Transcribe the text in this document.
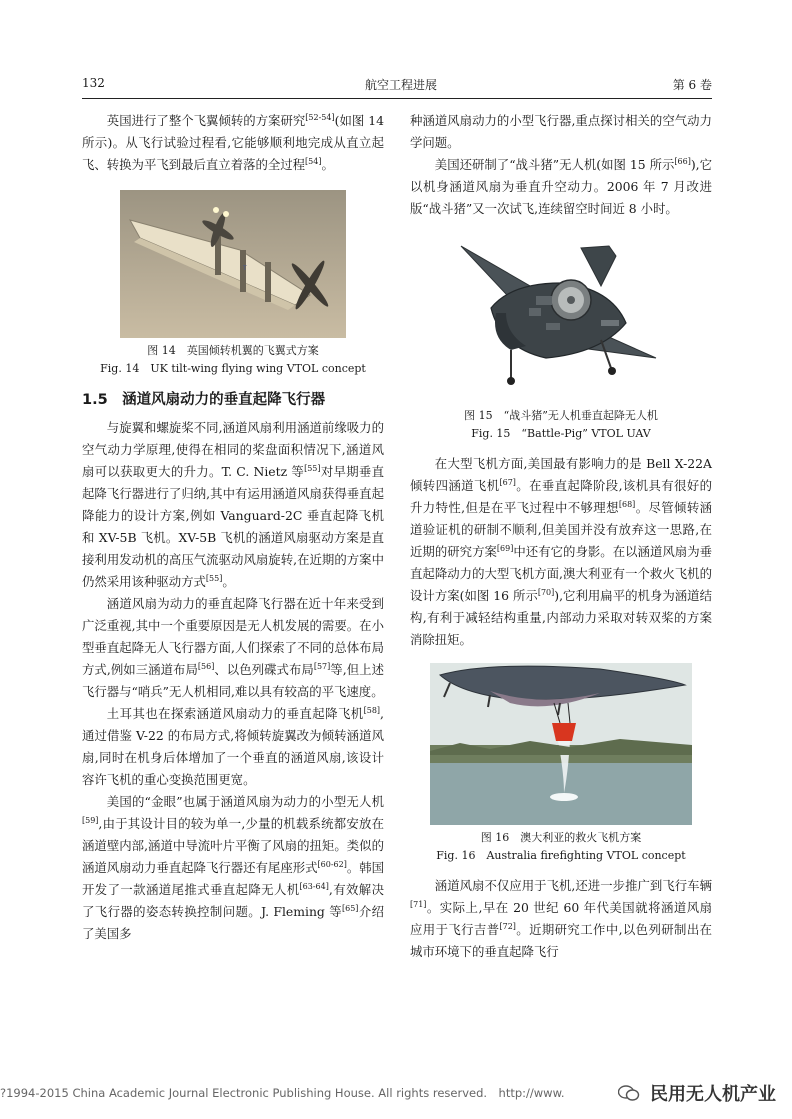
132	航空工程进展	第 6 卷

英国进行了整个飞翼倾转的方案研究[52-54](如图 14 所示)。从飞行试验过程看,它能够顺利地完成从直立起飞、转换为平飞到最后直立着落的全过程[54]。

T

图 14　英国倾转机翼的飞翼式方案

Fig. 14　UK tilt-wing flying wing VTOL concept

1.5　涵道风扇动力的垂直起降飞行器

与旋翼和螺旋桨不同,涵道风扇利用涵道前缘吸力的空气动力学原理,使得在相同的桨盘面积情况下,涵道风扇可以获取更大的升力。T. C. Nietz 等[55]对早期垂直起降飞行器进行了归纳,其中有运用涵道风扇获得垂直起降能力的设计方案,例如 Vanguard-2C 垂直起降飞机和 XV-5B 飞机。XV-5B 飞机的涵道风扇驱动方案是直接利用发动机的高压气流驱动风扇旋转,在近期的方案中仍然采用该种驱动方式[55]。

涵道风扇为动力的垂直起降飞行器在近十年来受到广泛重视,其中一个重要原因是无人机发展的需要。在小型垂直起降无人飞行器方面,人们探索了不同的总体布局方式,例如三涵道布局[56]、以色列碟式布局[57]等,但上述飞行器与“哨兵”无人机相同,难以具有较高的平飞速度。

土耳其也在探索涵道风扇动力的垂直起降飞机[58],通过借鉴 V-22 的布局方式,将倾转旋翼改为倾转涵道风扇,同时在机身后体增加了一个垂直的涵道风扇,该设计容许飞机的重心变换范围更宽。

美国的“金眼”也属于涵道风扇为动力的小型无人机[59],由于其设计目的较为单一,少量的机载系统都安放在涵道壁内部,涵道中导流叶片平衡了风扇的扭矩。类似的涵道风扇动力垂直起降飞行器还有尾座形式[60-62]。韩国开发了一款涵道尾推式垂直起降无人机[63-64],有效解决了飞行器的姿态转换控制问题。J. Fleming 等[65]介绍了美国多

种涵道风扇动力的小型飞行器,重点探讨相关的空气动力学问题。

美国还研制了“战斗猪”无人机(如图 15 所示[66]),它以机身涵道风扇为垂直升空动力。2006 年 7 月改进版“战斗猪”又一次试飞,连续留空时间近 8 小时。

图 15　“战斗猪”无人机垂直起降无人机

Fig. 15　“Battle-Pig” VTOL UAV

在大型飞机方面,美国最有影响力的是 Bell X-22A 倾转四涵道飞机[67]。在垂直起降阶段,该机具有很好的升力特性,但是在平飞过程中不够理想[68]。尽管倾转涵道验证机的研制不顺利,但美国并没有放弃这一思路,在近期的研究方案[69]中还有它的身影。在以涵道风扇为垂直起降动力的大型飞机方面,澳大利亚有一个救火飞机的设计方案(如图 16 所示[70]),它利用扁平的机身为涵道结构,有利于减轻结构重量,内部动力采取对转双桨的方案消除扭矩。

图 16　澳大利亚的救火飞机方案

Fig. 16　Australia firefighting VTOL concept

涵道风扇不仅应用于飞机,还进一步推广到飞行车辆[71]。实际上,早在 20 世纪 60 年代美国就将涵道风扇应用于飞行吉普[72]。近期研究工作中,以色列研制出在城市环境下的垂直起降飞行

?1994-2015 China Academic Journal Electronic Publishing House. All rights reserved.　http://www.	民用无人机产业
